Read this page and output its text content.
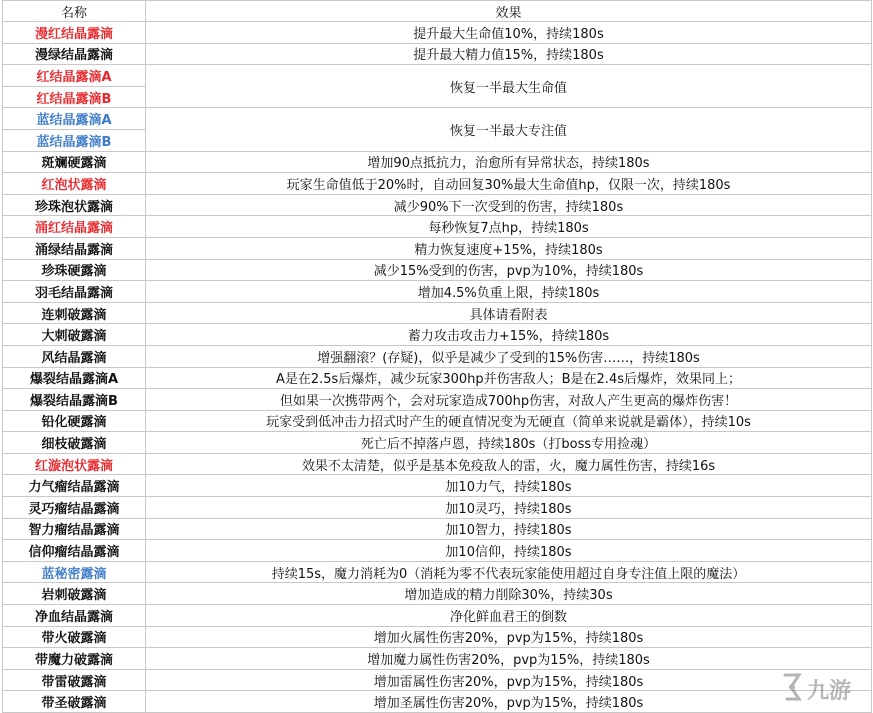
名称	效果
漫红结晶露滴	提升最大生命值10%，持续180s
漫绿结晶露滴	提升最大精力值15%，持续180s
红结晶露滴A	恢复一半最大生命值
红结晶露滴B	
蓝结晶露滴A	恢复一半最大专注值
蓝结晶露滴B	
斑斓硬露滴	增加90点抵抗力，治愈所有异常状态，持续180s
红泡状露滴	玩家生命值低于20%时，自动回复30%最大生命值hp，仅限一次，持续180s
珍珠泡状露滴	减少90%下一次受到的伤害，持续180s
涌红结晶露滴	每秒恢复7点hp，持续180s
涌绿结晶露滴	精力恢复速度+15%，持续180s
珍珠硬露滴	减少15%受到的伤害，pvp为10%，持续180s
羽毛结晶露滴	增加4.5%负重上限，持续180s
连刺破露滴	具体请看附表
大刺破露滴	蓄力攻击攻击力+15%，持续180s
风结晶露滴	增强翻滚？(存疑)，似乎是减少了受到的15%伤害……，持续180s
爆裂结晶露滴A	A是在2.5s后爆炸，减少玩家300hp并伤害敌人；B是在2.4s后爆炸，效果同上；
爆裂结晶露滴B	但如果一次携带两个，会对玩家造成700hp伤害，对敌人产生更高的爆炸伤害！
铅化硬露滴	玩家受到低冲击力招式时产生的硬直情况变为无硬直（简单来说就是霸体），持续10s
细枝破露滴	死亡后不掉落卢恩，持续180s（打boss专用捡魂）
红漩泡状露滴	效果不太清楚，似乎是基本免疫敌人的雷，火，魔力属性伤害，持续16s
力气瘤结晶露滴	加10力气，持续180s
灵巧瘤结晶露滴	加10灵巧，持续180s
智力瘤结晶露滴	加10智力，持续180s
信仰瘤结晶露滴	加10信仰，持续180s
蓝秘密露滴	持续15s，魔力消耗为0（消耗为零不代表玩家能使用超过自身专注值上限的魔法）
岩刺破露滴	增加造成的精力削除30%，持续30s
净血结晶露滴	净化鲜血君王的倒数
带火破露滴	增加火属性伤害20%，pvp为15%，持续180s
带魔力破露滴	增加魔力属性伤害20%，pvp为15%，持续180s
带雷破露滴	增加雷属性伤害20%，pvp为15%，持续180s
带圣破露滴	增加圣属性伤害20%，pvp为15%，持续180s	九游
